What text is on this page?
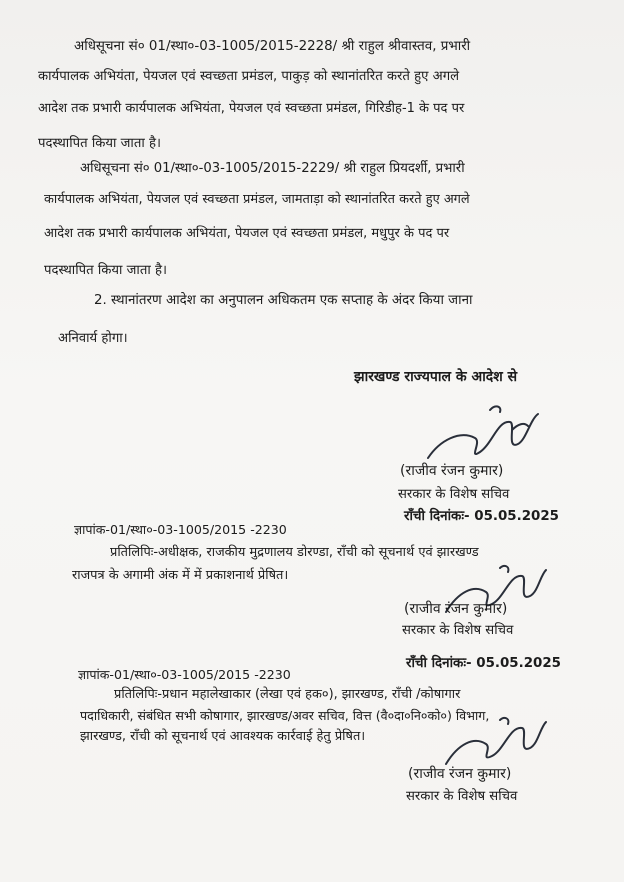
अधिसूचना सं० 01/स्था०-03-1005/2015-2228/ श्री राहुल श्रीवास्तव, प्रभारी
कार्यपालक अभियंता, पेयजल एवं स्वच्छता प्रमंडल, पाकुड़ को स्थानांतरित करते हुए अगले
आदेश तक प्रभारी कार्यपालक अभियंता, पेयजल एवं स्वच्छता प्रमंडल, गिरिडीह-1 के पद पर
पदस्थापित किया जाता है।
अधिसूचना सं० 01/स्था०-03-1005/2015-2229/ श्री राहुल प्रियदर्शी, प्रभारी
कार्यपालक अभियंता, पेयजल एवं स्वच्छता प्रमंडल, जामताड़ा को स्थानांतरित करते हुए अगले
आदेश तक प्रभारी कार्यपालक अभियंता, पेयजल एवं स्वच्छता प्रमंडल, मधुपुर के पद पर
पदस्थापित किया जाता है।
2. स्थानांतरण आदेश का अनुपालन अधिकतम एक सप्ताह के अंदर किया जाना
अनिवार्य होगा।
झारखण्ड राज्यपाल के आदेश से
(राजीव रंजन कुमार)
सरकार के विशेष सचिव
राँची दिनांकः- 05.05.2025
ज्ञापांक-01/स्था०-03-1005/2015 -2230
प्रतिलिपिः-अधीक्षक, राजकीय मुद्रणालय डोरण्डा, राँची को सूचनार्थ एवं झारखण्ड
राजपत्र के अगामी अंक में में प्रकाशनार्थ प्रेषित।
(राजीव रंजन कुमार)
सरकार के विशेष सचिव
राँची दिनांकः- 05.05.2025
ज्ञापांक-01/स्था०-03-1005/2015 -2230
प्रतिलिपिः-प्रधान महालेखाकार (लेखा एवं हक०), झारखण्ड, राँची /कोषागार
पदाधिकारी, संबंधित सभी कोषागार, झारखण्ड/अवर सचिव, वित्त (वै०दा०नि०को०) विभाग,
झारखण्ड, राँची को सूचनार्थ एवं आवश्यक कार्रवाई हेतु प्रेषित।
(राजीव रंजन कुमार)
सरकार के विशेष सचिव
